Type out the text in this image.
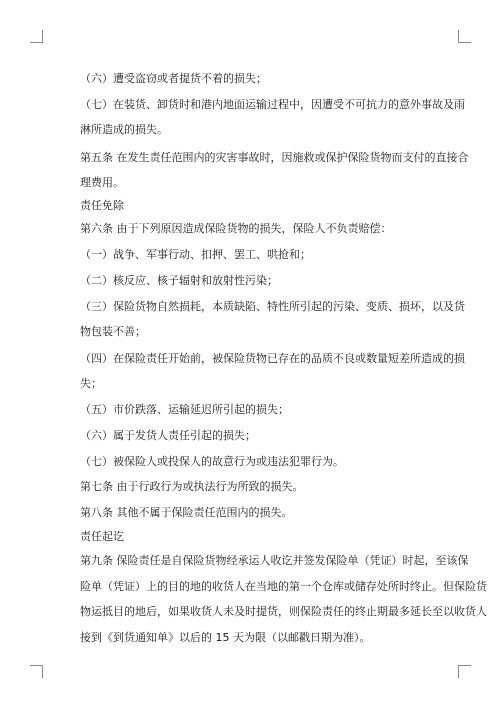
（六）遭受盗窃或者提货不着的损失；
（七）在装货、卸货时和港内地面运输过程中，因遭受不可抗力的意外事故及雨
淋所造成的损失。
第五条 在发生责任范围内的灾害事故时，因施救或保护保险货物而支付的直接合
理费用。
责任免除
第六条 由于下列原因造成保险货物的损失，保险人不负责赔偿：
（一）战争、军事行动、扣押、罢工、哄抢和；
（二）核反应、核子辐射和放射性污染；
（三）保险货物自然损耗，本质缺陷、特性所引起的污染、变质、损坏，以及货
物包装不善；
（四）在保险责任开始前，被保险货物已存在的品质不良或数量短差所造成的损
失；
（五）市价跌落、运输延迟所引起的损失；
（六）属于发货人责任引起的损失；
（七）被保险人或投保人的故意行为或违法犯罪行为。
第七条 由于行政行为或执法行为所致的损失。
第八条 其他不属于保险责任范围内的损失。
责任起讫
第九条 保险责任是自保险货物经承运人收讫并签发保险单（凭证）时起，至该保
险单（凭证）上的目的地的收货人在当地的第一个仓库或储存处所时终止。但保险货
物运抵目的地后，如果收货人未及时提货，则保险责任的终止期最多延长至以收货人
接到《到货通知单》以后的 15 天为限（以邮戳日期为准）。
